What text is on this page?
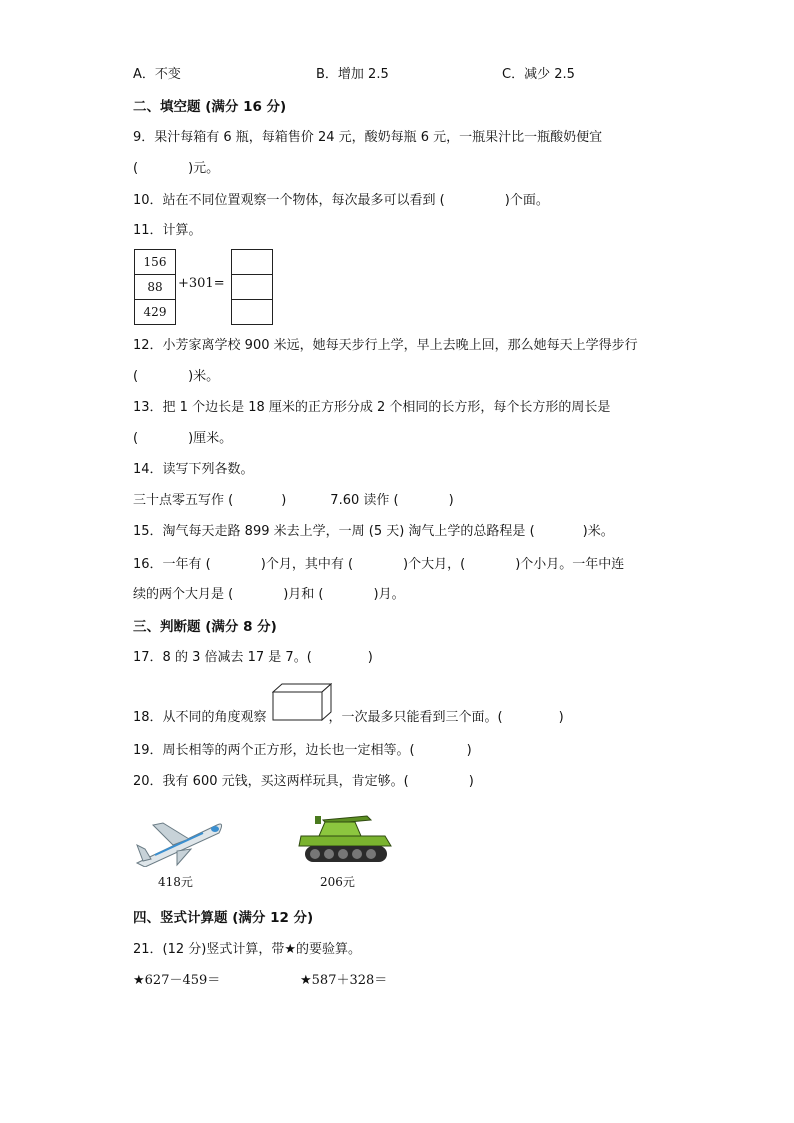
A．不变	B．增加 2.5	C．减少 2.5
二、填空题 (满分 16 分)
9．果汁每箱有 6 瓶，每箱售价 24 元，酸奶每瓶 6 元，一瓶果汁比一瓶酸奶便宜
(	)元。
10．站在不同位置观察一个物体，每次最多可以看到 (	)个面。
11．计算。
156
88
429
+301=
12．小芳家离学校 900 米远，她每天步行上学，早上去晚上回，那么她每天上学得步行
(	)米。
13．把 1 个边长是 18 厘米的正方形分成 2 个相同的长方形，每个长方形的周长是
(	)厘米。
14．读写下列各数。
三十点零五写作 (	)	7.60 读作 (	)
15．淘气每天走路 899 米去上学，一周 (5 天) 淘气上学的总路程是 (	)米。
16．一年有 (	)个月，其中有 (	)个大月，(	)个小月。一年中连
续的两个大月是 (	)月和 (	)月。
三、判断题 (满分 8 分)
17．8 的 3 倍减去 17 是 7。(	)
18．从不同的角度观察	，一次最多只能看到三个面。(	)
19．周长相等的两个正方形，边长也一定相等。(	)
20．我有 600 元钱，买这两样玩具，肯定够。(	)
418元	206元
四、竖式计算题 (满分 12 分)
21．(12 分)竖式计算，带★的要验算。
★627－459＝	★587＋328＝
